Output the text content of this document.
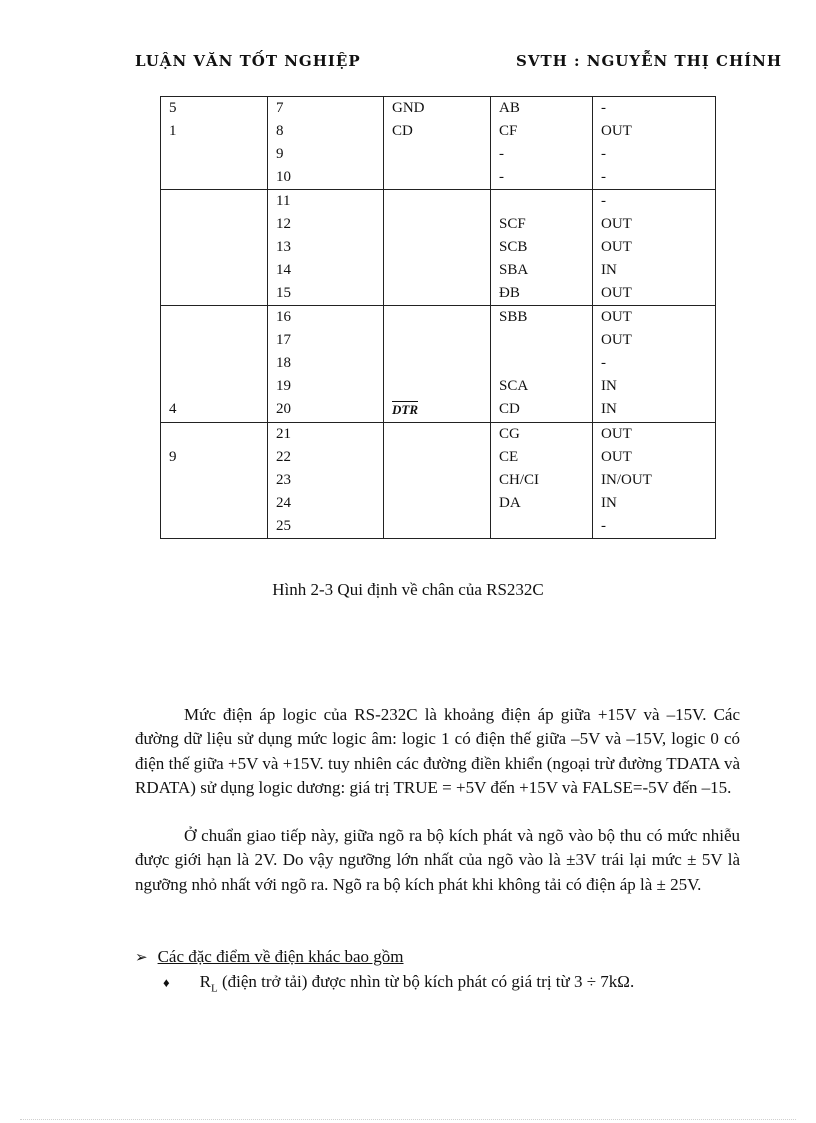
LUẬN VĂN TỐT NGHIỆP	SVTH : NGUYỄN THỊ CHÍNH
5	7	GND	AB	-
1	8	CD	CF	OUT
	9		-	-
	10		-	-
	11			-
	12		SCF	OUT
	13		SCB	OUT
	14		SBA	IN
	15		ĐB	OUT
	16		SBB	OUT
	17			OUT
	18			-
	19		SCA	IN
4	20	$\overline{DTR}$	CD	IN
	21		CG	OUT
9	22		CE	OUT
	23		CH/CI	IN/OUT
	24		DA	IN
	25			-
Hình 2-3 Qui định về chân của RS232C

Mức điện áp logic của RS-232C là khoảng điện áp giữa +15V và –15V. Các đường dữ liệu sử dụng mức logic âm: logic 1 có điện thế giữa –5V và –15V, logic 0 có điện thế giữa +5V và +15V. tuy nhiên các đường điền khiển (ngoại trừ đường TDATA và RDATA) sử dụng logic dương: giá trị TRUE = +5V đến +15V và FALSE=-5V đến –15.

Ở chuẩn giao tiếp này, giữa ngõ ra bộ kích phát và ngõ vào bộ thu có mức nhiễu được giới hạn là 2V. Do vậy ngưỡng lớn nhất của ngõ vào là ±3V trái lại mức ± 5V là ngưỡng nhỏ nhất với ngõ ra. Ngõ ra bộ kích phát khi không tải có điện áp là ± 25V.

➢ Các đặc điểm về điện khác bao gồm
♦ $R_L$ (điện trở tải) được nhìn từ bộ kích phát có giá trị từ 3 ÷ 7kΩ.
